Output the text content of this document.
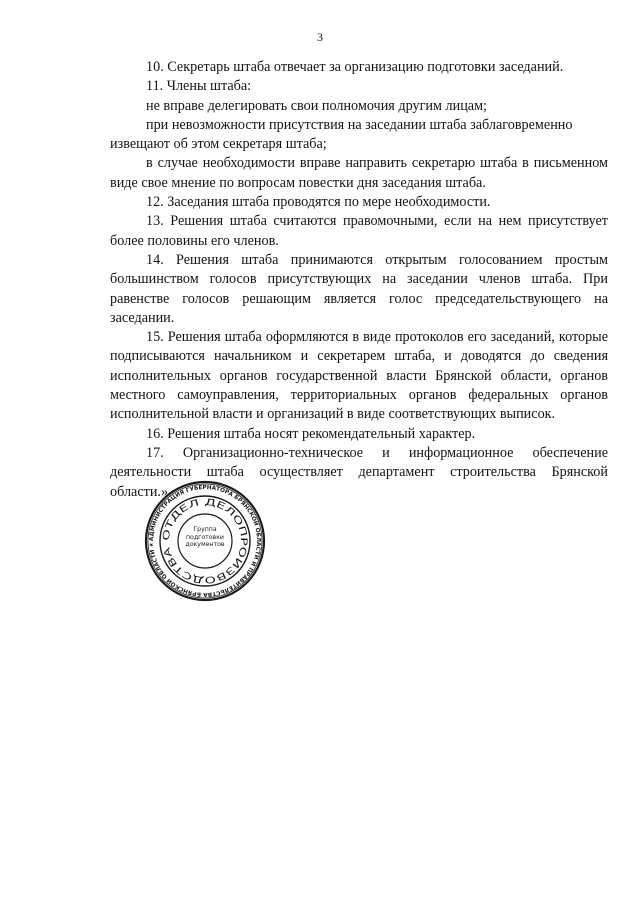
3

10. Секретарь штаба отвечает за организацию подготовки заседаний.

11. Члены штаба:

не вправе делегировать свои полномочия другим лицам;

при невозможности присутствия на заседании штаба заблаговременно

извещают об этом секретаря штаба;

в случае необходимости вправе направить секретарю штаба в письменном виде свое мнение по вопросам повестки дня заседания штаба.

12. Заседания штаба проводятся по мере необходимости.

13. Решения штаба считаются правомочными, если на нем присутствует более половины его членов.

14. Решения штаба принимаются открытым голосованием простым большинством голосов присутствующих на заседании членов штаба. При равенстве голосов решающим является голос председательствующего на заседании.

15. Решения штаба оформляются в виде протоколов его заседаний, которые подписываются начальником и секретарем штаба, и доводятся до сведения исполнительных органов государственной власти Брянской области, органов местного самоуправления, территориальных органов федеральных органов исполнительной власти и организаций в виде соответствующих выписок.

16. Решения штаба носят рекомендательный характер.

17. Организационно-техническое и информационное обеспечение деятельности штаба осуществляет департамент строительства Брянской области.»

АДМИНИСТРАЦИЯ ГУБЕРНАТОРА БРЯНСКОЙ ОБЛАСТИ И ПРАВИТЕЛЬСТВА БРЯНСКОЙ ОБЛАСТИ ★
ОТДЕЛ ДЕЛОПРОИЗВОДСТВА
Группа подготовки документов
